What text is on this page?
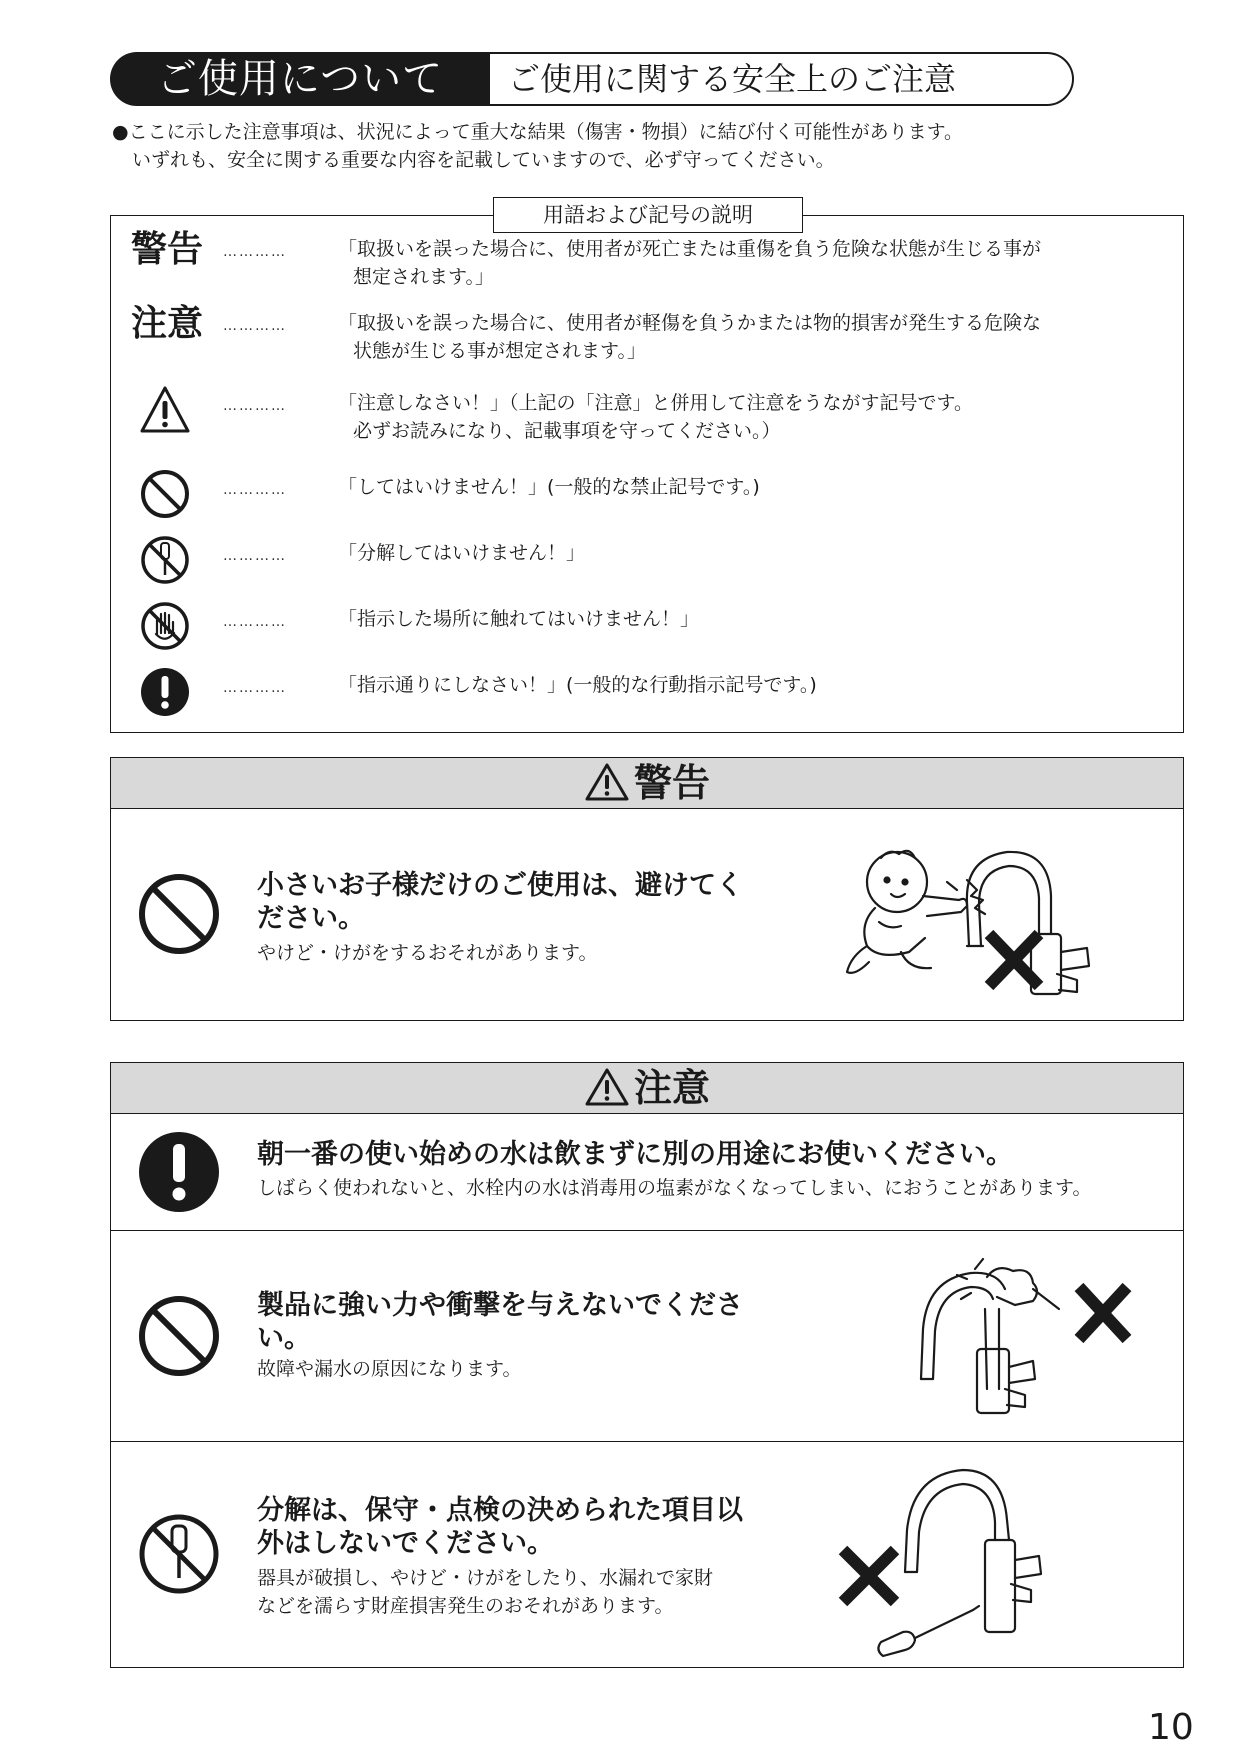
ご使用について	ご使用に関する安全上のご注意
●ここに示した注意事項は、状況によって重大な結果（傷害・物損）に結び付く可能性があります。
いずれも、安全に関する重要な内容を記載していますので、必ず守ってください。
用語および記号の説明
警告 …………	「取扱いを誤った場合に、使用者が死亡または重傷を負う危険な状態が生じる事が
想定されます。」
注意 …………	「取扱いを誤った場合に、使用者が軽傷を負うかまたは物的損害が発生する危険な
状態が生じる事が想定されます。」
…………	「注意しなさい！」（上記の「注意」と併用して注意をうながす記号です。
必ずお読みになり、記載事項を守ってください。）
…………	「してはいけません！」(一般的な禁止記号です。)
…………	「分解してはいけません！」
…………	「指示した場所に触れてはいけません！」
…………	「指示通りにしなさい！」(一般的な行動指示記号です。)
警告
小さいお子様だけのご使用は、避けてく
ださい。
やけど・けがをするおそれがあります。
注意
朝一番の使い始めの水は飲まずに別の用途にお使いください。
しばらく使われないと、水栓内の水は消毒用の塩素がなくなってしまい、におうことがあります。
製品に強い力や衝撃を与えないでくださ
い。
故障や漏水の原因になります。
分解は、保守・点検の決められた項目以
外はしないでください。
器具が破損し、やけど・けがをしたり、水漏れで家財
などを濡らす財産損害発生のおそれがあります。
10
